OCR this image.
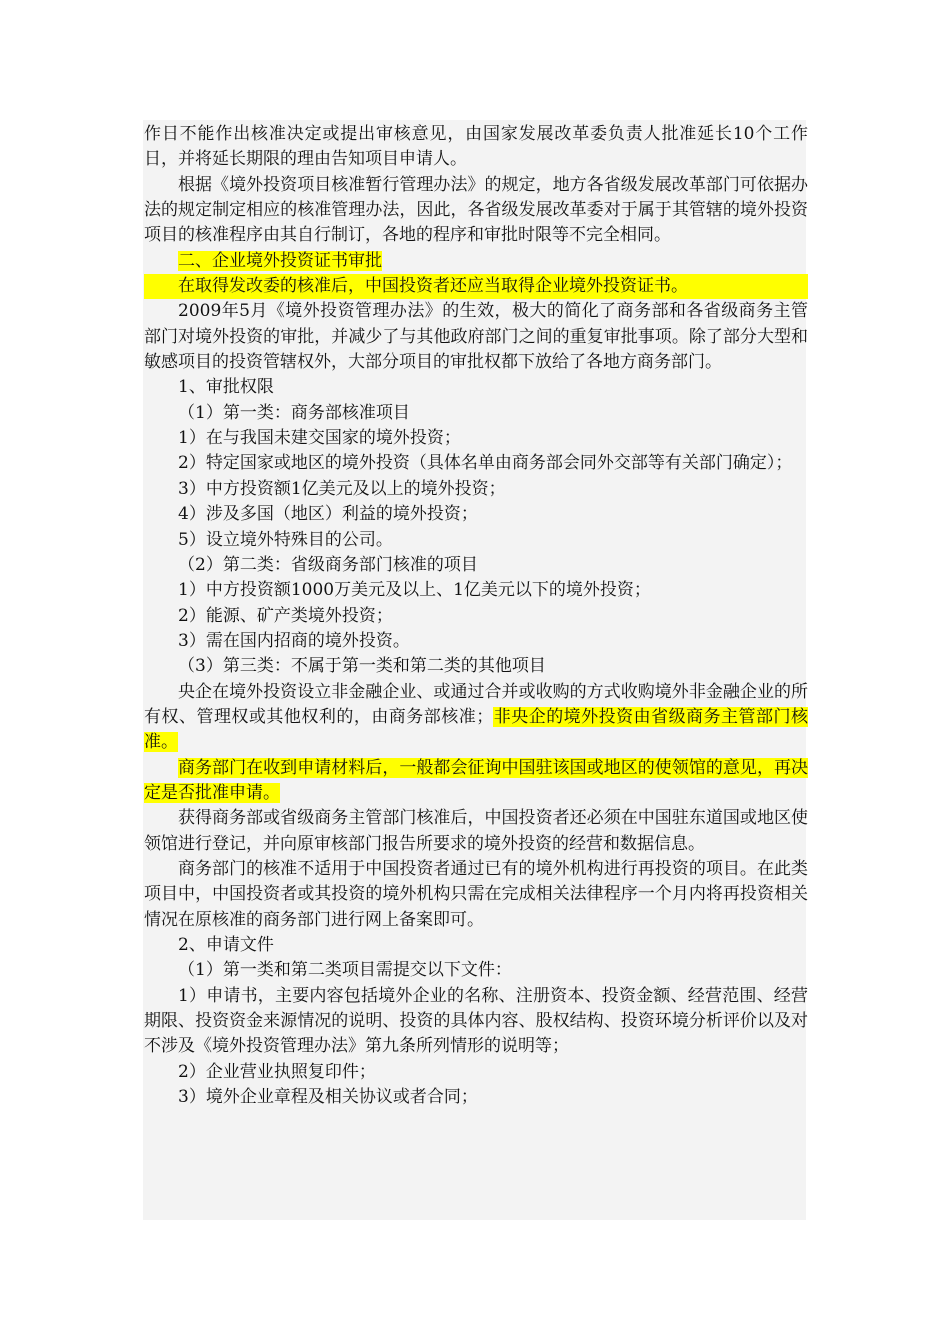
作日不能作出核准决定或提出审核意见，由国家发展改革委负责人批准延长10个工作日，并将延长期限的理由告知项目申请人。

根据《境外投资项目核准暂行管理办法》的规定，地方各省级发展改革部门可依据办法的规定制定相应的核准管理办法，因此，各省级发展改革委对于属于其管辖的境外投资项目的核准程序由其自行制订，各地的程序和审批时限等不完全相同。

二、企业境外投资证书审批

在取得发改委的核准后，中国投资者还应当取得企业境外投资证书。

2009年5月《境外投资管理办法》的生效，极大的简化了商务部和各省级商务主管部门对境外投资的审批，并减少了与其他政府部门之间的重复审批事项。除了部分大型和敏感项目的投资管辖权外，大部分项目的审批权都下放给了各地方商务部门。

1、审批权限

（1）第一类：商务部核准项目

1）在与我国未建交国家的境外投资；

2）特定国家或地区的境外投资（具体名单由商务部会同外交部等有关部门确定）；

3）中方投资额1亿美元及以上的境外投资；

4）涉及多国（地区）利益的境外投资；

5）设立境外特殊目的公司。

（2）第二类：省级商务部门核准的项目

1）中方投资额1000万美元及以上、1亿美元以下的境外投资；

2）能源、矿产类境外投资；

3）需在国内招商的境外投资。

（3）第三类：不属于第一类和第二类的其他项目

央企在境外投资设立非金融企业、或通过合并或收购的方式收购境外非金融企业的所有权、管理权或其他权利的，由商务部核准；非央企的境外投资由省级商务主管部门核准。

商务部门在收到申请材料后，一般都会征询中国驻该国或地区的使领馆的意见，再决定是否批准申请。

获得商务部或省级商务主管部门核准后，中国投资者还必须在中国驻东道国或地区使领馆进行登记，并向原审核部门报告所要求的境外投资的经营和数据信息。

商务部门的核准不适用于中国投资者通过已有的境外机构进行再投资的项目。在此类项目中，中国投资者或其投资的境外机构只需在完成相关法律程序一个月内将再投资相关情况在原核准的商务部门进行网上备案即可。

2、申请文件

（1）第一类和第二类项目需提交以下文件：

1）申请书，主要内容包括境外企业的名称、注册资本、投资金额、经营范围、经营期限、投资资金来源情况的说明、投资的具体内容、股权结构、投资环境分析评价以及对不涉及《境外投资管理办法》第九条所列情形的说明等；

2）企业营业执照复印件；

3）境外企业章程及相关协议或者合同；
